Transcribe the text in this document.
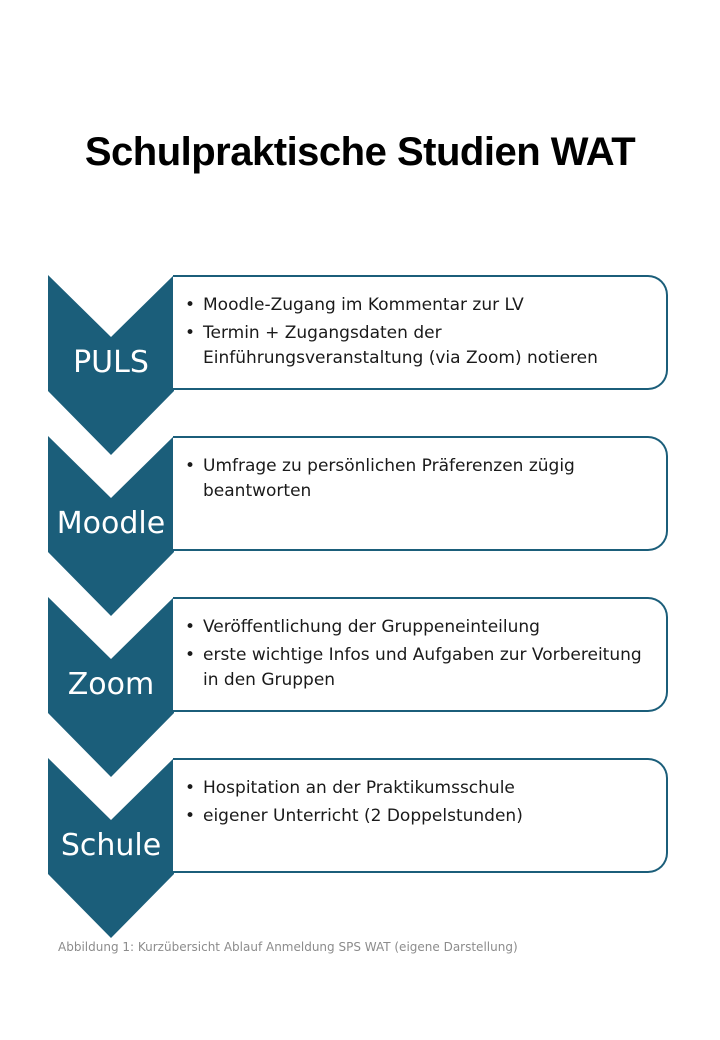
Schulpraktische Studien WAT
PULS
• Moodle-Zugang im Kommentar zur LV
• Termin + Zugangsdaten der Einführungsveranstaltung (via Zoom) notieren
Moodle
• Umfrage zu persönlichen Präferenzen zügig beantworten
Zoom
• Veröffentlichung der Gruppeneinteilung
• erste wichtige Infos und Aufgaben zur Vorbereitung in den Gruppen
Schule
• Hospitation an der Praktikumsschule
• eigener Unterricht (2 Doppelstunden)
Abbildung 1: Kurzübersicht Ablauf Anmeldung SPS WAT (eigene Darstellung)
